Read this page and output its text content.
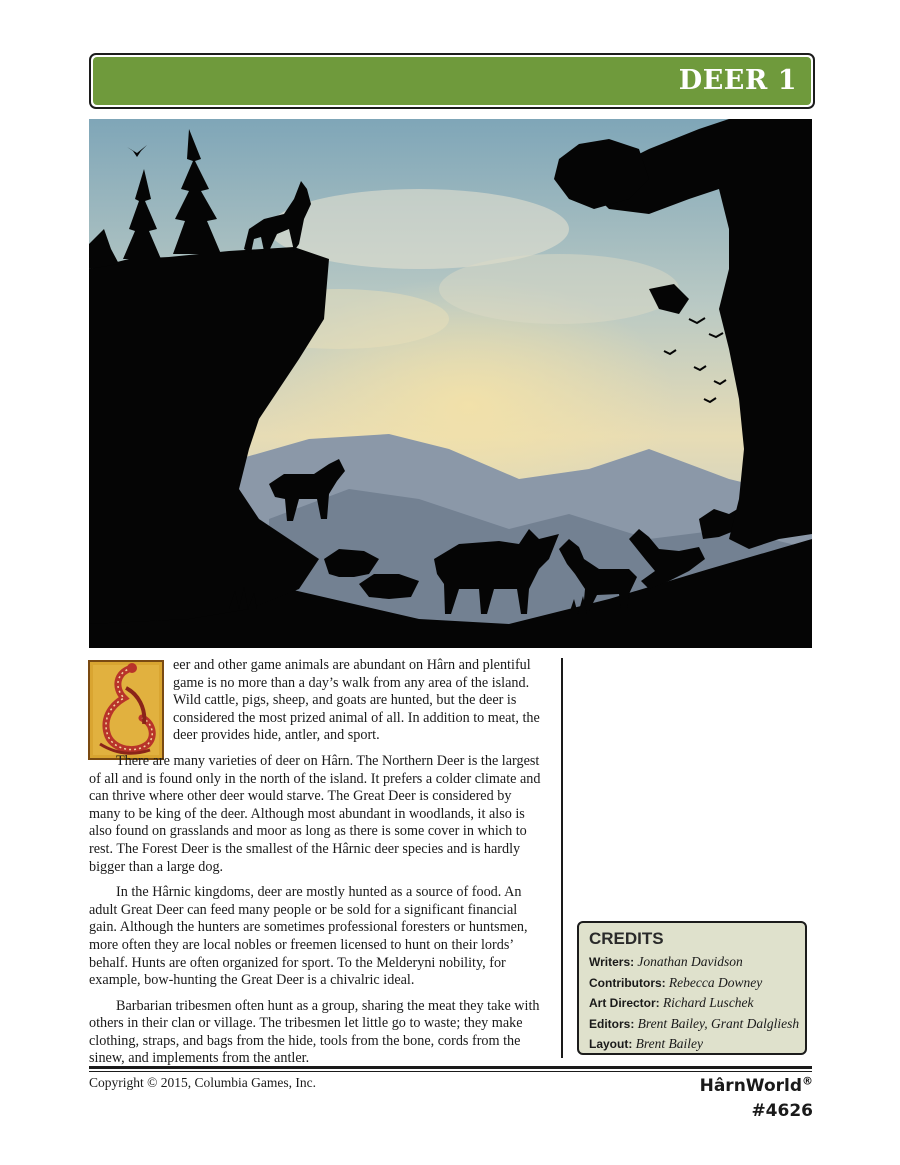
DEER 1
L

eer and other game animals are abundant on Hârn and plentiful game is no more than a day’s walk from any area of the island. Wild cattle, pigs, sheep, and goats are hunted, but the deer is considered the most prized animal of all. In addition to meat, the deer provides hide, antler, and sport.

There are many varieties of deer on Hârn. The Northern Deer is the largest of all and is found only in the north of the island. It prefers a colder climate and can thrive where other deer would starve. The Great Deer is considered by many to be king of the deer. Although most abundant in woodlands, it also is also found on grasslands and moor as long as there is some cover in which to rest. The Forest Deer is the smallest of the Hârnic deer species and is hardly bigger than a large dog.

In the Hârnic kingdoms, deer are mostly hunted as a source of food. An adult Great Deer can feed many people or be sold for a significant financial gain. Although the hunters are sometimes professional foresters or huntsmen, more often they are local nobles or freemen licensed to hunt on their lords’ behalf. Hunts are often organized for sport. To the Melderyni nobility, for example, bow-hunting the Great Deer is a chivalric ideal.

Barbarian tribesmen often hunt as a group, sharing the meat they take with others in their clan or village. The tribesmen let little go to waste; they make clothing, straps, and bags from the hide, tools from the bone, cords from the sinew, and implements from the antler.

CREDITS
Writers: Jonathan Davidson
Contributors: Rebecca Downey
Art Director: Richard Luschek
Editors: Brent Bailey, Grant Dalgliesh
Layout: Brent Bailey
Copyright © 2015, Columbia Games, Inc.	HârnWorld®
#4626
